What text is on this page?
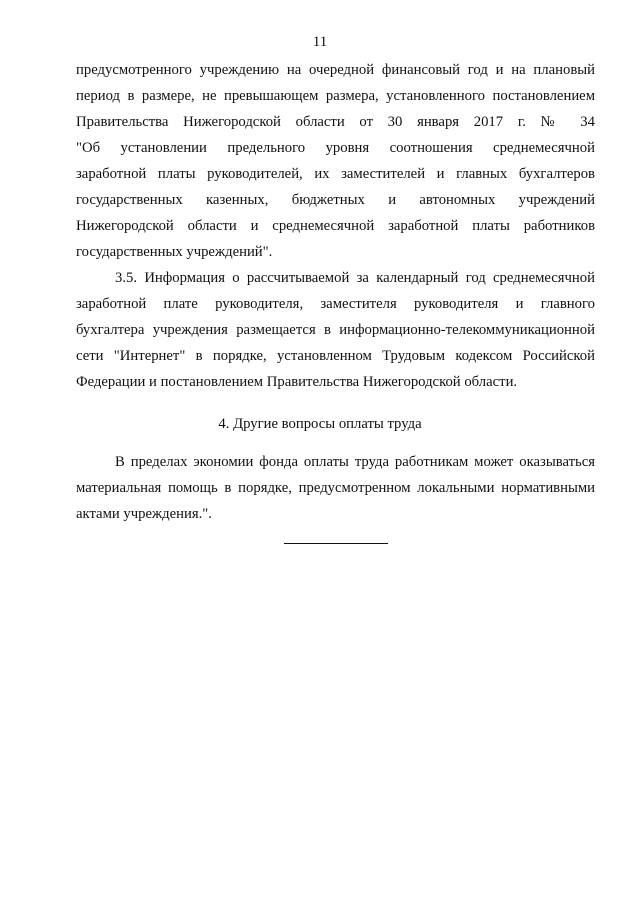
11
предусмотренного учреждению на очередной финансовый год и на плановый
период в размере, не превышающем размера, установленного постановлением
Правительства Нижегородской области от 30 января 2017 г. № 34
"Об установлении предельного уровня соотношения среднемесячной
заработной платы руководителей, их заместителей и главных бухгалтеров
государственных казенных, бюджетных и автономных учреждений
Нижегородской области и среднемесячной заработной платы работников
государственных учреждений".
3.5. Информация о рассчитываемой за календарный год среднемесячной
заработной плате руководителя, заместителя руководителя и главного
бухгалтера учреждения размещается в информационно-телекоммуникационной
сети "Интернет" в порядке, установленном Трудовым кодексом Российской
Федерации и постановлением Правительства Нижегородской области.
4. Другие вопросы оплаты труда
В пределах экономии фонда оплаты труда работникам может оказываться
материальная помощь в порядке, предусмотренном локальными нормативными
актами учреждения.".
